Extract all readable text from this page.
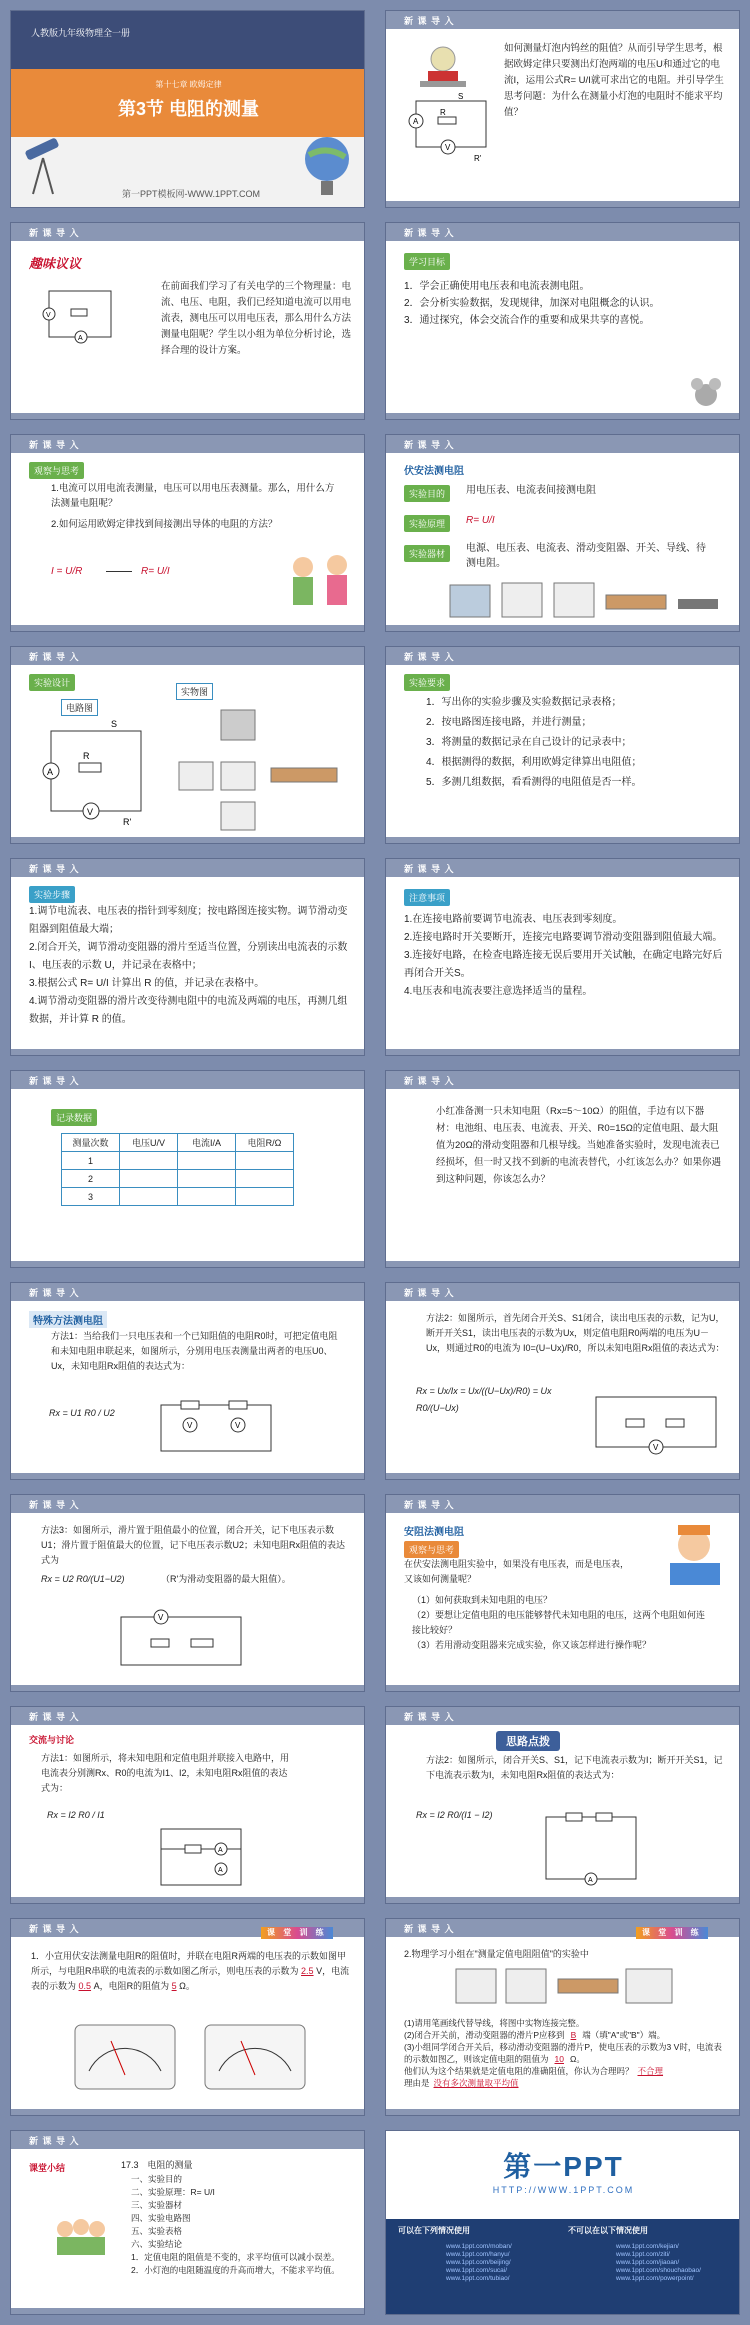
人教版九年级物理全一册
第十七章 欧姆定律
第3节 电阻的测量
第一PPT模板网-WWW.1PPT.COM
新 课 导 入
A
V
S
R'
R
如何测量灯泡内钨丝的阻值？从而引导学生思考，根据欧姆定律只要测出灯泡两端的电压U和通过它的电流I，运用公式R= U/I就可求出它的电阻。并引导学生思考问题：为什么在测量小灯泡的电阻时不能求平均值？
新 课 导 入
趣味议议
V
A
在前面我们学习了有关电学的三个物理量：电流、电压、电阻，我们已经知道电流可以用电流表，测电压可以用电压表，那么用什么方法测量电阻呢？学生以小组为单位分析讨论，选择合理的设计方案。
新 课 导 入
学习目标

1．学会正确使用电压表和电流表测电阻。

2．会分析实验数据，发现规律，加深对电阻概念的认识。

3．通过探究，体会交流合作的重要和成果共享的喜悦。

新 课 导 入
观察与思考
1.电流可以用电流表测量，电压可以用电压表测量。那么，用什么方法测量电阻呢？
2.如何运用欧姆定律找到间接测出导体的电阻的方法？
I = U/R	R= U/I
新 课 导 入
伏安法测电阻
实验目的	用电压表、电流表间接测电阻
实验原理	R= U/I
实验器材	电源、电压表、电流表、滑动变阻器、开关、导线、待测电阻。
新 课 导 入
实验设计
电路图
实物图
A
V
S
R
R'
新 课 导 入
实验要求

1．写出你的实验步骤及实验数据记录表格；

2．按电路图连接电路，并进行测量；

3．将测量的数据记录在自己设计的记录表中；

4．根据测得的数据，利用欧姆定律算出电阻值；

5．多测几组数据，看看测得的电阻值是否一样。

新 课 导 入
实验步骤

1.调节电流表、电压表的指针到零刻度；按电路图连接实物。调节滑动变阻器到阻值最大端；

2.闭合开关，调节滑动变阻器的滑片至适当位置，分别读出电流表的示数 I、电压表的示数 U，并记录在表格中；

3.根据公式 R= U/I 计算出 R 的值，并记录在表格中。

4.调节滑动变阻器的滑片改变待测电阻中的电流及两端的电压，再测几组数据，并计算 R 的值。

新 课 导 入
注意事项

1.在连接电路前要调节电流表、电压表到零刻度。

2.连接电路时开关要断开，连接完电路要调节滑动变阻器到阻值最大端。

3.连接好电路，在检查电路连接无误后要用开关试触，在确定电路完好后再闭合开关S。

4.电压表和电流表要注意选择适当的量程。

新 课 导 入
记录数据
测量次数	电压U/V	电流I/A	电阻R/Ω
1			
2			
3			
新 课 导 入
小红准备测一只未知电阻（Rx=5～10Ω）的阻值，手边有以下器材：电池组、电压表、电流表、开关、R0=15Ω的定值电阻、最大阻值为20Ω的滑动变阻器和几根导线。当她准备实验时，发现电流表已经损坏，但一时又找不到新的电流表替代，小红该怎么办？如果你遇到这种问题，你该怎么办？
新 课 导 入
特殊方法测电阻
方法1：当给我们一只电压表和一个已知阻值的电阻R0时，可把定值电阻和未知电阻串联起来，如图所示，分别用电压表测量出两者的电压U0、Ux，未知电阻Rx阻值的表达式为：
Rx = U1 R0 / U2
V	V
新 课 导 入
方法2：如图所示，首先闭合开关S、S1闭合，读出电压表的示数，记为U，断开开关S1，读出电压表的示数为Ux，则定值电阻R0两端的电压为U－Ux，则通过R0的电流为 I0=(U−Ux)/R0，所以未知电阻Rx阻值的表达式为：
Rx = Ux/Ix = Ux/((U−Ux)/R0) = Ux R0/(U−Ux)
V
新 课 导 入
方法3：如图所示，滑片置于阻值最小的位置，闭合开关，记下电压表示数U1；滑片置于阻值最大的位置，记下电压表示数U2；未知电阻Rx阻值的表达式为
Rx = U2 R0/(U1−U2)	（R'为滑动变阻器的最大阻值）。
V
新 课 导 入
安阻法测电阻
观察与思考
在伏安法测电阻实验中，如果没有电压表，而是电压表，又该如何测量呢？

（1）如何获取到未知电阻的电压？

（2）要想让定值电阻的电压能够替代未知电阻的电压，这两个电阻如何连接比较好？

（3）若用滑动变阻器来完成实验，你又该怎样进行操作呢？

新 课 导 入
交流与讨论
方法1：如图所示，将未知电阻和定值电阻并联接入电路中，用电流表分别测Rx、R0的电流为I1、I2，未知电阻Rx阻值的表达式为：
Rx = I2 R0 / I1
A
A
新 课 导 入
思路点拨
方法2：如图所示，闭合开关S、S1，记下电流表示数为I；断开开关S1，记下电流表示数为I，未知电阻Rx阻值的表达式为：
Rx = I2 R0/(I1 − I2)
A
新 课 导 入	课 堂 训 练
1．小宣用伏安法测量电阻R的阻值时，并联在电阻R两端的电压表的示数如图甲所示，与电阻R串联的电流表的示数如图乙所示，则电压表的示数为 2.5 V，电流表的示数为 0.5 A，电阻R的阻值为 5 Ω。
新 课 导 入	课 堂 训 练
2.物理学习小组在"测量定值电阻阻值"的实验中

(1)请用笔画线代替导线，将图中实物连接完整。

(2)闭合开关前，滑动变阻器的滑片P应移到 B 端（填"A"或"B"）端。

(3)小组同学闭合开关后，移动滑动变阻器的滑片P，使电压表的示数为3 V时，电流表的示数如图乙，则该定值电阻的阻值为 10 Ω。

他们认为这个结果就是定值电阻的准确阻值，你认为合理吗？ 不合理

理由是 没有多次测量取平均值

新 课 导 入
课堂小结	17.3　电阻的测量

一、实验目的

二、实验原理：R= U/I

三、实验器材

四、实验电路图

五、实验表格

六、实验结论

1．定值电阻的阻值是不变的，求平均值可以减小误差。

2．小灯泡的电阻随温度的升高而增大，不能求平均值。

第一PPT
HTTP://WWW.1PPT.COM
可以在下列情况使用	不可以在以下情况使用
www.1ppt.com/moban/
www.1ppt.com/hanyu/
www.1ppt.com/beijing/
www.1ppt.com/sucai/
www.1ppt.com/tubiao/
www.1ppt.com/kejian/
www.1ppt.com/ziti/
www.1ppt.com/jiaoan/
www.1ppt.com/shouchaobao/
www.1ppt.com/powerpoint/
